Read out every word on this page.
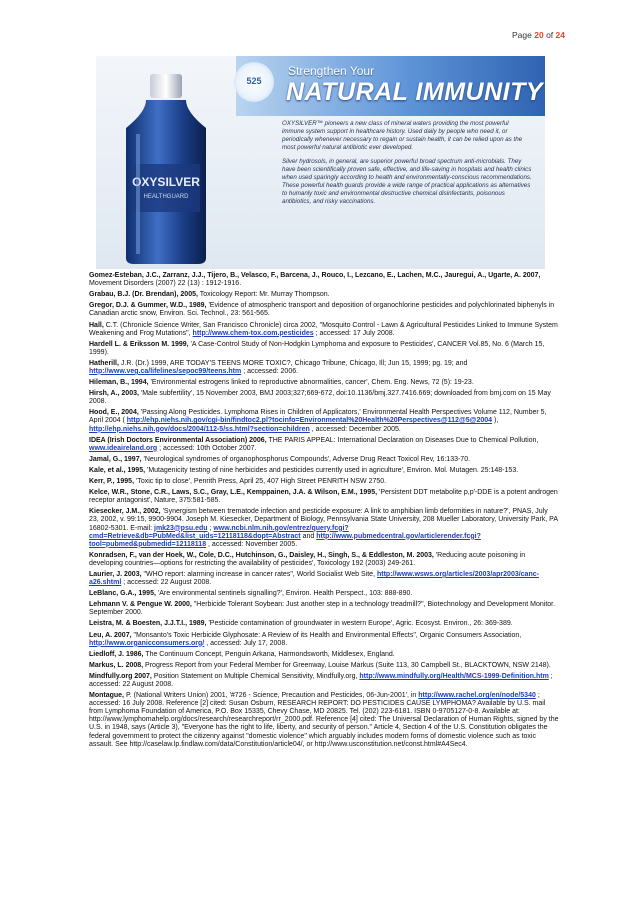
Page 20 of 24
525
Strengthen Your
NATURAL IMMUNITY
OXYSILVER
HEALTHGUARD

OXYSILVER™ pioneers a new class of mineral waters providing the most powerful immune system support in healthcare history. Used daily by people who need it, or periodically whenever necessary to regain or sustain health, it can be relied upon as the most powerful natural antibiotic ever developed.

Silver hydrosols, in general, are superior powerful broad spectrum anti-microbials. They have been scientifically proven safe, effective, and life-saving in hospitals and health clinics when used sparingly according to health and environmentally-conscious recommendations. These powerful health guards provide a wide range of practical applications as alternatives to humanly toxic and environmental destructive chemical disinfectants, poisonous antibiotics, and risky vaccinations.

Gomez-Esteban, J.C., Zarranz, J.J., Tijero, B., Velasco, F., Barcena, J., Rouco, I., Lezcano, E., Lachen, M.C., Jauregui, A., Ugarte, A. 2007, Movement Disorders (2007) 22 (13) : 1912-1916.
Grabau, B.J. (Dr. Brendan), 2005, Toxicology Report: Mr. Murray Thompson.
Gregor, D.J. & Gummer, W.D., 1989, 'Evidence of atmospheric transport and deposition of organochlorine pesticides and polychlorinated biphenyls in Canadian arctic snow, Environ. Sci. Technol., 23: 561-565.
Hall, C.T. (Chronicle Science Writer, San Francisco Chronicle) circa 2002, "Mosquito Control - Lawn & Agricultural Pesticides Linked to Immune System Weakening and Frog Mutations", http://www.chem-tox.com.pesticides ; accessed: 17 July 2008.
Hardell L. & Eriksson M. 1999, 'A Case-Control Study of Non-Hodgkin Lymphoma and exposure to Pesticides', CANCER Vol.85, No. 6 (March 15, 1999).
Hatherill, J.R. (Dr.) 1999, ARE TODAY'S TEENS MORE TOXIC?, Chicago Tribune, Chicago, Ill; Jun 15, 1999; pg. 19; and http://www.veg.ca/lifelines/sepoc99/teens.htm ; accessed: 2006.
Hileman, B., 1994, 'Environmental estrogens linked to reproductive abnormalities, cancer', Chem. Eng. News, 72 (5): 19-23.
Hirsh, A., 2003, 'Male subfertility', 15 November 2003, BMJ 2003;327;669-672, doi:10.1136/bmj.327.7416.669; downloaded from bmj.com on 15 May 2008.
Hood, E., 2004, 'Passing Along Pesticides. Lymphoma Rises in Children of Applicators,' Environmental Health Perspectives Volume 112, Number 5, April 2004 ( http://ehp.niehs.nih.gov/cgi-bin/findtoc2.pl?tocinfo=Environmental%20Health%20Perspectives@112@5@2004 ), http://ehp.niehs.nih.gov/docs/2004/112-5/ss.html?section=children , accessed: December 2005.
IDEA (Irish Doctors Environmental Association) 2006, THE PARIS APPEAL: International Declaration on Diseases Due to Chemical Pollution, www.ideaireland.org ; accessed: 10th October 2007.
Jamal, G., 1997, 'Neurological syndromes of organophosphorus Compounds', Adverse Drug React Toxicol Rev, 16:133-70.
Kale, et al., 1995, 'Mutagenicity testing of nine herbicides and pesticides currently used in agriculture', Environ. Mol. Mutagen. 25:148-153.
Kerr, P., 1995, 'Toxic tip to close', Penrith Press, April 25, 407 High Street PENRITH NSW 2750.
Kelce, W.R., Stone, C.R., Laws, S.C., Gray, L.E., Kemppainen, J.A. & Wilson, E.M., 1995, 'Persistent DDT metabolite p,p'-DDE is a potent androgen receptor antagonist', Nature, 375:581-585.
Kiesecker, J.M., 2002, 'Synergism between trematode infection and pesticide exposure: A link to amphibian limb deformities in nature?', PNAS, July 23, 2002, v. 99:15, 9900-9904. Joseph M. Kiesecker, Department of Biology, Pennsylvania State University, 208 Mueller Laboratory, University Park, PA 16802-5301. E-mail: jmk23@psu.edu ; www.ncbi.nlm.nih.gov/entrez/query.fcgi?cmd=Retrieve&db=PubMed&list_uids=12118118&dopt=Abstract and http://www.pubmedcentral.gov/articlerender.fcgi?tool=pubmed&pubmedid=12118118 , accessed: November 2005.
Konradsen, F., van der Hoek, W., Cole, D.C., Hutchinson, G., Daisley, H., Singh, S., & Eddleston, M. 2003, 'Reducing acute poisoning in developing countries—options for restricting the availability of pesticides', Toxicology 192 (2003) 249-261.
Laurier, J. 2003, "WHO report: alarming increase in cancer rates", World Socialist Web Site, http://www.wsws.org/articles/2003/apr2003/canc-a26.shtml ; accessed: 22 August 2008.
LeBlanc, G.A., 1995, 'Are environmental sentinels signalling?', Environ. Health Perspect., 103: 888-890.
Lehmann V. & Pengue W. 2000, "Herbicide Tolerant Soybean: Just another step in a technology treadmill?", Biotechnology and Development Monitor. September 2000.
Leistra, M. & Boesten, J.J.T.I., 1989, 'Pesticide contamination of groundwater in western Europe', Agric. Ecosyst. Environ., 26: 369-389.
Leu, A. 2007, "Monsanto's Toxic Herbicide Glyphosate: A Review of its Health and Environmental Effects", Organic Consumers Association, http://www.organicconsumers.org/ , accessed: July 17, 2008.
Liedloff, J. 1986, The Continuum Concept, Penguin Arkana, Harmondsworth, Middlesex, England.
Markus, L. 2008, Progress Report from your Federal Member for Greenway, Louise Markus (Suite 113, 30 Campbell St., BLACKTOWN, NSW 2148).
Mindfully.org 2007, Position Statement on Multiple Chemical Sensitivity, Mindfully.org, http://www.mindfully.org/Health/MCS-1999-Definition.htm ; accessed: 22 August 2008.
Montague, P. (National Writers Union) 2001, '#726 - Science, Precaution and Pesticides, 06-Jun-2001', in http://www.rachel.org/en/node/5340 ; accessed: 16 July 2008. Reference [2] cited: Susan Osburn, RESEARCH REPORT: DO PESTICIDES CAUSE LYMPHOMA? Available by U.S. mail from Lymphoma Foundation of America, P.O. Box 15335, Chevy Chase, MD 20825. Tel. (202) 223-6181. ISBN 0-9705127-0-8. Available at: http://www.lymphomahelp.org/docs/research/researchreport/rr_2000.pdf. Reference [4] cited: The Universal Declaration of Human Rights, signed by the U.S. in 1948, says (Article 3), "Everyone has the right to life, liberty, and security of person." Article 4, Section 4 of the U.S. Constitution obligates the federal government to protect the citizenry against "domestic violence" which arguably includes modern forms of domestic violence such as toxic assault. See http://caselaw.lp.findlaw.com/data/Constitution/article04/, or http://www.usconstitution.net/const.html#A4Sec4.
